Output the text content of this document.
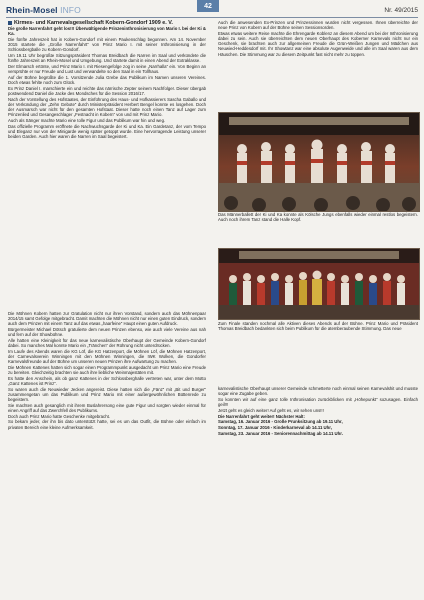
Rhein-Mosel INFO	Nr. 49/2015
42
Kirmes- und Karnevalsgesellschaft Kobern-Gondorf 1909 e. V.

Die große Narrenfahrt geht los!!! Überwältigende Prinzeninthronisierung von Mario I. bei der Ki & Ka.

Die fünfte Jahreszeit hat in Kobern-Gondorf mit einem Paukenschlag begonnen. Am 14. November 2015 startete die „Große Narrenfahrt“ von Prinz Mario I. mit seiner Inthronisierung in der Schlossbergballe zu Kobern-Gondorf.

Um 19.11 Uhr begrüßte Sitzungspräsident Thomas Breidbach die Narren im Saal und verkündete die fünfte Jahreszeit an Rhein-Mosel und Umgebung. Und startete damit in einen Abend der Extraklasse.

Der Elmarsch ertönte, und Prinz Mario I. mit Riesengefolge zog in seine „Narrhalla“ ein. Von Beginn an versprühte er nur Freude und Lust und verwandelte so den Saal in ein Tollhaus.

Auf der Bühne begrüßte die 1. Vorsitzende Julia Grebe das Publikum im Namen unseren Vereines. Doch etwas fehlte noch zum Glück.

Ex Prinz Daniel I. marschierte ein und reichte das närrische Zepter seinem Nachfolger. Dieser übergab postwendend Daniel die Jacke des Mondsches für die Session 2016/17.

Nach der Vorstellung des Hofstaates, der Einführung des Haus- und Hofkassierers Sascha Gaballo und der Verkündung der „Zehn Gebote“ durch Ministerpräsident Herbert Bengel konnte es losgehen. Doch der Ausmarsch war nicht für den gesamten Hofstaat. Dieser hatte noch einen Tanz auf Lager zum Prinzenlied und Gesangeschlager „Festnacht in Kobern“ von und mit Prinz Mario.

Auch als Sänger machte Mario eine tolle Figur und das Publikum war hin und weg.

Das offizielle Programm eröffnete die Nachwuchsgarde der Ki und Ka. Ein Gardetanz, der vom Tempo und Eleganz nur von der Minigarde wenig später getoppt wurde. Eine hervorragende Leistung unserer beiden Garden. Auch hier waren die Narren im Saal begeistert.

Die Möhnen Kobern hatten zur Gratulation nicht nur ihren Vorstand, sondern auch das Möhnenpaar 2014/15 samt Gefolge mitgebracht. Damit machten die Möhnen nicht nur einen guten Eindruck, sondern auch dem Prinzen mit einem Tanz auf das etwas „haarfeine“ Haupt einen guten Aufdruck.

Bürgermeister Michael Dötsch gratulierte dem neuen Prinzen ebenso, wie auch viele Vereine aus nah und fern auf der Showbühne.

Alle hatten eine Kleinigkeit für das neue karnevalistische Oberhaupt der Gemeinde Kobern-Gondorf dabei. So manches Mal konnte Mario ein „Tränchen“ der Rührung nicht unterdrücken.

Im Laufe des Abends waren die KG Löf, die KG Hatzenport, die Möhnen Löf, die Möhnen Hatzenport, der Carnevalsverein Winningen mit den Möhnen Winningen, die IWK Wolken, die Gondorfer Karnevalsfreunde auf der Bühne um unseren neuen Prinzen ihre Aufwartung zu machen.

Die Möhnen Kattenes hatten sich sogar einen Programmpunkt ausgedacht um Prinz Mario eine Freude zu bereiten. Gleichzeitig brachten sie auch ihre liebliche Weinmajestäten mit.

Es hatte den Anschein, als ob ganz Kattenes in der Schlossberghalle vertreten war, unter dem Motto „Ganz Kattenes ist Prinz“.

So waren auch die Neuwieder Jecken angereist. Diese hatten sich die „Fänz“ mit „Bit und Burger“ zusammengetan um das Publikum und Prinz Mario mit einer außergewöhnlichen Büttenrede zu begeistern.

Sie machten auch gesanglich mit ihrem Buslahrersong eine gute Figur und sorgten wieder einmal für einen Angriff auf das Zwerchfell des Publikums.

Doch auch Prinz Mario hatte Geschenke mitgebracht.

So bekam jeder, der ihn bis dato unterstützt hatte, sei es um das Outfit, die Bühne oder einfach im privaten Bereich eine kleine Aufmerksamkeit.

Auch die anwesenden Ex-Prinzen und Prinzessinnen wurden nicht vergessen. Ihnen überreichte der neue Prinz von Kobern auf der Bühne seinen Sessionsorden.

Etwas etwas weitere Reise machte die Ehrengarde Koblenz an diesem Abend um bei der Inthronisierung dabei zu sein. Auch sie überreichten dem neuen Oberhaupt des Koberner Karnevals nicht nur ein Geschenk, sie brachten auch zur allgemeinen Freude die Grün-Weißen Jungen und Mädchen aus Neuwied-Heddesdorf mit. Ihr Showtanz war eine absolute Augenweide und alle im Saal waren aus dem Häuschen. Die Stimmung war zu diesem Zeitpunkt fast nicht mehr zu toppen.

Das Männerballett der Ki und Ka konnte als Kölsche Jungs ebenfalls wieder einmal restlos begeistern. Auch noch ihrem Tanz stand die Halle Kopf.
Zum Finale standen nochmal alle Aktiven dieses Abends auf der Bühne. Prinz Mario und Präsident Thomas Breidbach bedankten sich beim Publikum für die atemberaubende Stimmung. Das neue

karnevalistische Oberhaupt unserer Gemeinde schmetterte noch einmal seinen Karnevalshit und musste sogar eine Zugabe geben.

So konnten wir auf eine ganz tolle Inthronisation zurückblicken mit „Höhepunkt“ sozusagen. Einfach geil!!!

Jetzt geht es gleich weiter! Auf geht es, wir sehen uns!!!

Die Narrenfahrt geht weiter! Nächster Halt:

Samstag, 16. Januar 2016 - Große Prunksitzung ab 19.11 Uhr,

Sonntag, 17. Januar 2016 - Kinderkarneval ab 14.11 Uhr,

Samstag, 23. Januar 2016 - Seniorennachmittag ab 14.11 Uhr.
